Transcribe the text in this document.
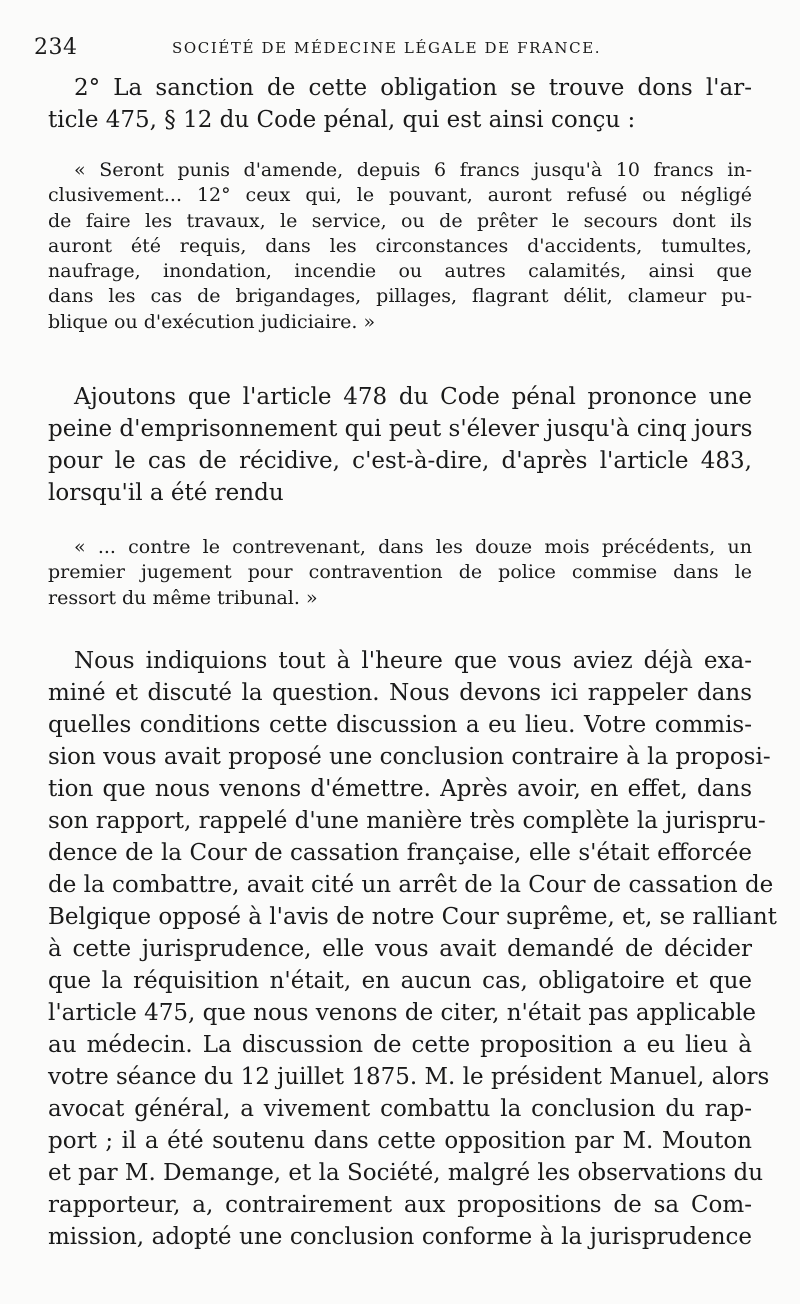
234	SOCIÉTÉ DE MÉDECINE LÉGALE DE FRANCE.
2° La sanction de cette obligation se trouve dons l'ar-
ticle 475, § 12 du Code pénal, qui est ainsi conçu :
« Seront punis d'amende, depuis 6 francs jusqu'à 10 francs in-
clusivement... 12° ceux qui, le pouvant, auront refusé ou négligé
de faire les travaux, le service, ou de prêter le secours dont ils
auront été requis, dans les circonstances d'accidents, tumultes,
naufrage, inondation, incendie ou autres calamités, ainsi que
dans les cas de brigandages, pillages, flagrant délit, clameur pu-
blique ou d'exécution judiciaire. »
Ajoutons que l'article 478 du Code pénal prononce une
peine d'emprisonnement qui peut s'élever jusqu'à cinq jours
pour le cas de récidive, c'est-à-dire, d'après l'article 483,
lorsqu'il a été rendu
« ... contre le contrevenant, dans les douze mois précédents, un
premier jugement pour contravention de police commise dans le
ressort du même tribunal. »
Nous indiquions tout à l'heure que vous aviez déjà exa-
miné et discuté la question. Nous devons ici rappeler dans
quelles conditions cette discussion a eu lieu. Votre commis-
sion vous avait proposé une conclusion contraire à la proposi-
tion que nous venons d'émettre. Après avoir, en effet, dans
son rapport, rappelé d'une manière très complète la jurispru-
dence de la Cour de cassation française, elle s'était efforcée
de la combattre, avait cité un arrêt de la Cour de cassation de
Belgique opposé à l'avis de notre Cour suprême, et, se ralliant
à cette jurisprudence, elle vous avait demandé de décider
que la réquisition n'était, en aucun cas, obligatoire et que
l'article 475, que nous venons de citer, n'était pas applicable
au médecin. La discussion de cette proposition a eu lieu à
votre séance du 12 juillet 1875. M. le président Manuel, alors
avocat général, a vivement combattu la conclusion du rap-
port ; il a été soutenu dans cette opposition par M. Mouton
et par M. Demange, et la Société, malgré les observations du
rapporteur, a, contrairement aux propositions de sa Com-
mission, adopté une conclusion conforme à la jurisprudence
